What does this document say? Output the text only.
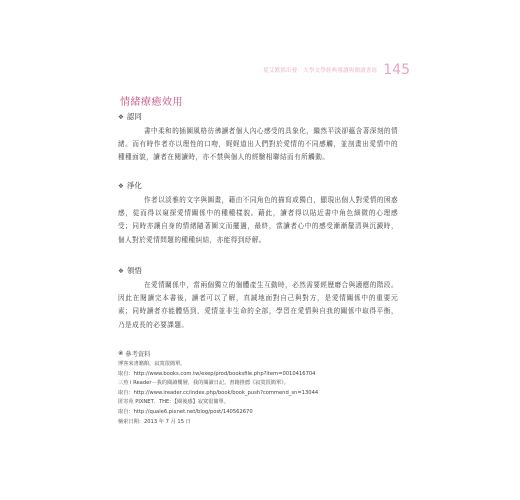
從艾默那出發：大學文學經典導讀與閱讀書寫 145
情緒療癒效用
❖ 認同

書中柔和的插圖風格彷彿讀者個人內心感受的具象化，繼然平淡卻蘊含著深刻的情緒。而有時作者亦以理性的口吻，娓娓道出人們對於愛情的不同感觸，並剖畫出愛情中的種種面貌，讀者在閱讀時，亦不禁與個人的經驗相聯結而有所觸動。

❖ 淨化

作者以淡雅的文字與圖畫，藉由不同角色的描寫或獨白，顯現出個人對愛情的困惑感，從而得以窺探愛情關係中的種種樣貌。藉此，讀者得以貼近書中角色細微的心理感受；同時亦讓自身的情緒隨著圖文而擺盪，最終，當讀者心中的感受漸漸釐清與沉澱時，個人對於愛情問題的種種糾結，亦能得到紓解。

❖ 領悟

在愛情關係中，當兩個獨立的個體產生互動時，必然需要經歷磨合與適應的階段。因此在閱讀完本書後，讀者可以了解，真誠地面對自己與對方，是愛情關係中的重要元素；同時讀者亦能體悟到，愛情並非生命的全部，學習在愛情與自我的關係中取得平衡，乃是成長的必要課題。

❀ 參考資料
博客來書籍館，寂寞很簡單。
取自：http://www.books.com.tw/exep/prod/booksfile.php?item=0010416704
三魚 i Reader－我的閱讀樓層，我的閱讀日記。書籍推薦《寂寞很簡單》。
取自：http://www.ireader.cc/index.php/book/book_push?commend_sn=13044
匿寄苑 PIXNET．THE：【閱後感】寂寞很簡單。
取自：http://quale6.pixnet.net/blog/post/140562670
檢索日期：2013 年 7 月 15 日
